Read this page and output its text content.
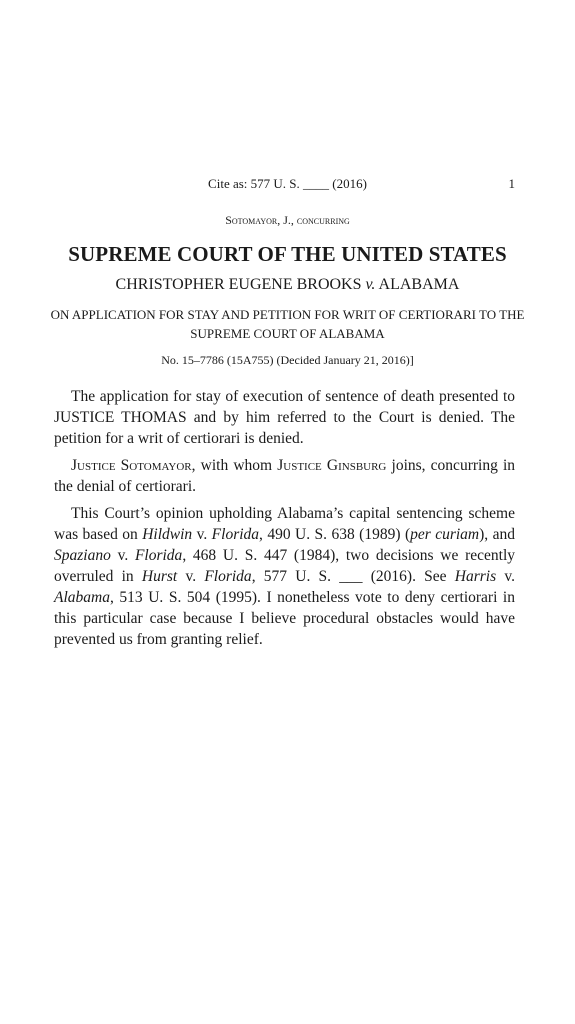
Cite as: 577 U. S. ____ (2016)	1
Sotomayor, J., concurring
SUPREME COURT OF THE UNITED STATES
CHRISTOPHER EUGENE BROOKS v. ALABAMA
ON APPLICATION FOR STAY AND PETITION FOR WRIT OF CERTIORARI TO THE SUPREME COURT OF ALABAMA
No. 15–7786 (15A755) (Decided January 21, 2016)]

The application for stay of execution of sentence of death presented to JUSTICE THOMAS and by him referred to the Court is denied. The petition for a writ of certiorari is denied.

Justice Sotomayor, with whom Justice Ginsburg joins, concurring in the denial of certiorari.

This Court’s opinion upholding Alabama’s capital sentencing scheme was based on Hildwin v. Florida, 490 U. S. 638 (1989) (per curiam), and Spaziano v. Florida, 468 U. S. 447 (1984), two decisions we recently overruled in Hurst v. Florida, 577 U. S. ___ (2016). See Harris v. Alabama, 513 U. S. 504 (1995). I nonetheless vote to deny certiorari in this particular case because I believe procedural obstacles would have prevented us from granting relief.
